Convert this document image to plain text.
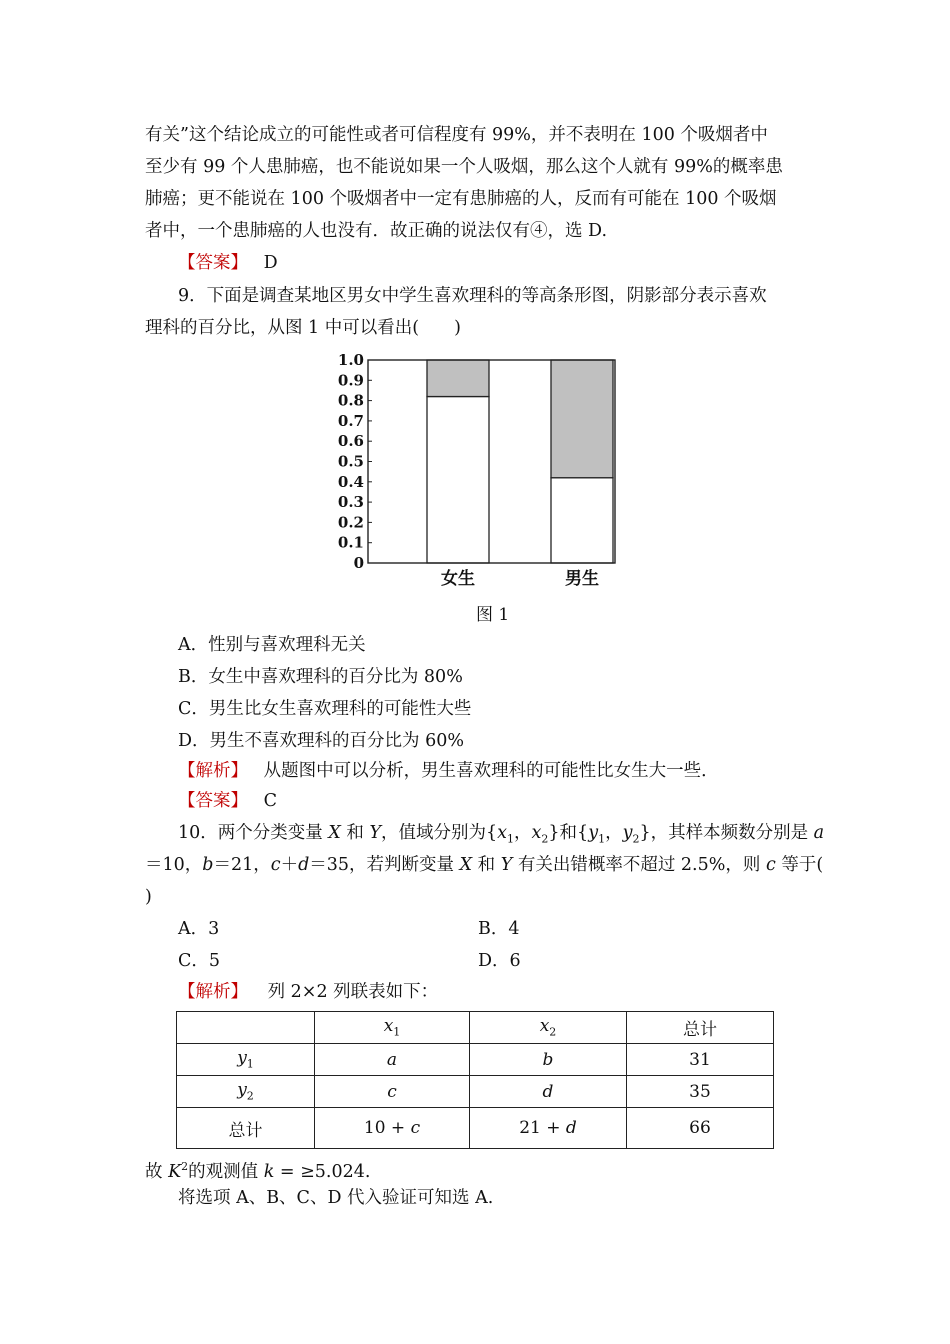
有关”这个结论成立的可能性或者可信程度有 99%，并不表明在 100 个吸烟者中
至少有 99 个人患肺癌，也不能说如果一个人吸烟，那么这个人就有 99%的概率患
肺癌；更不能说在 100 个吸烟者中一定有患肺癌的人，反而有可能在 100 个吸烟
者中，一个患肺癌的人也没有．故正确的说法仅有④，选 D.
【答案】 D
9．下面是调查某地区男女中学生喜欢理科的等高条形图，阴影部分表示喜欢
理科的百分比，从图 1 中可以看出(　　)
女生	男生
0
0.1
0.2
0.3
0.4
0.5
0.6
0.7
0.8
0.9
1.0
图 1
A．性别与喜欢理科无关
B．女生中喜欢理科的百分比为 80%
C．男生比女生喜欢理科的可能性大些
D．男生不喜欢理科的百分比为 60%
【解析】 从题图中可以分析，男生喜欢理科的可能性比女生大一些．
【答案】 C
10．两个分类变量 X 和 Y，值域分别为{$x_1$，$x_2$}和{$y_1$，$y_2$}，其样本频数分别是 a
＝10，b＝21，c＋d＝35，若判断变量 X 和 Y 有关出错概率不超过 2.5%，则 c 等于(
)
A．3	B．4
C．5	D．6
【解析】 列 2×2 列联表如下：
	$x_1$	$x_2$	总计
$y_1$	a	b	31
$y_2$	c	d	35
总计	10 + c	21 + d	66
故 $K^2$的观测值 k = ≥5.024.
将选项 A、B、C、D 代入验证可知选 A.
